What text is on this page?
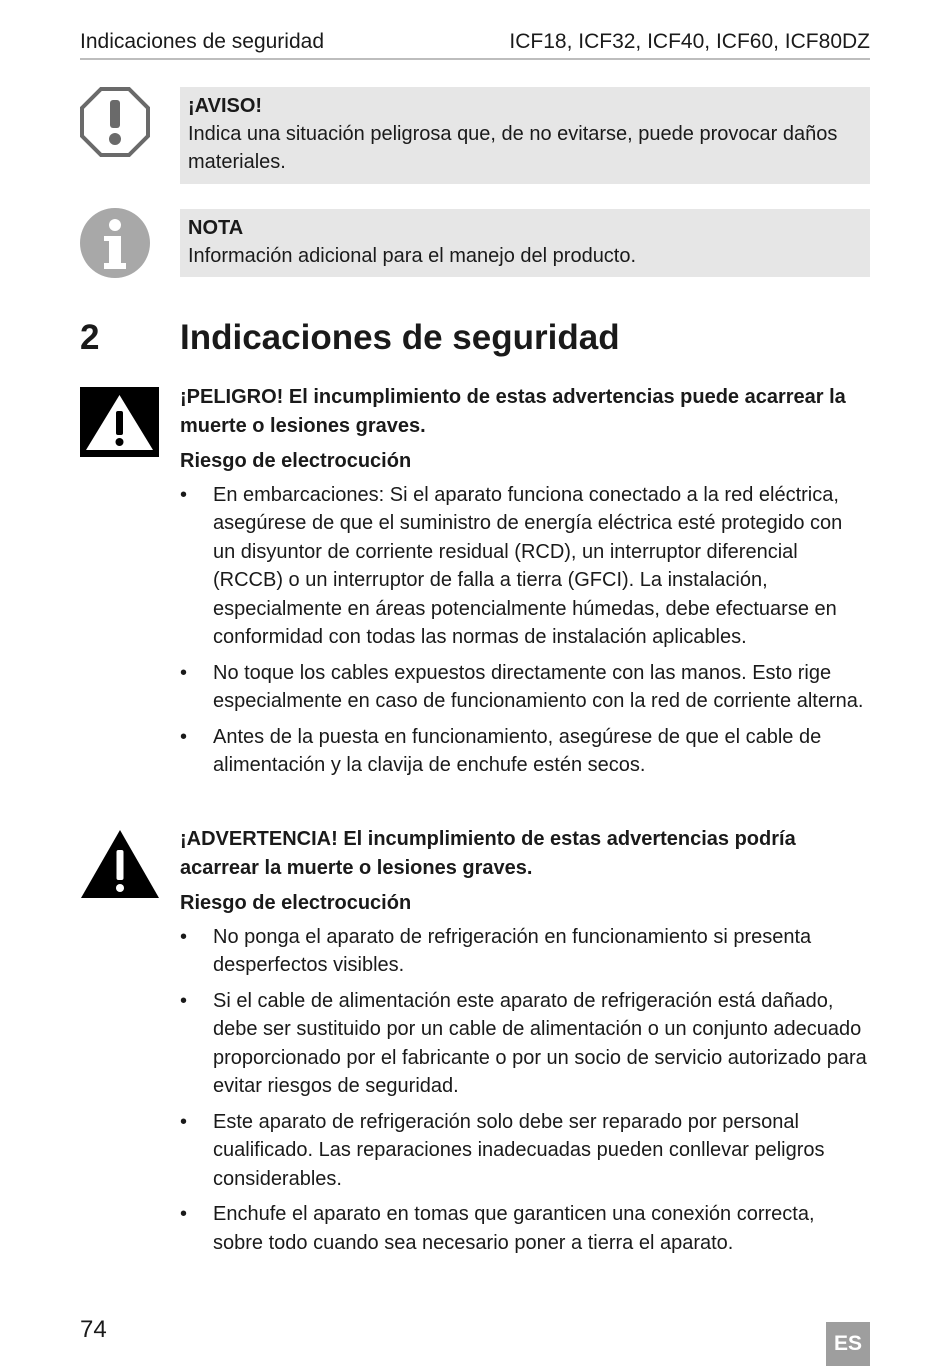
Indicaciones de seguridad	ICF18, ICF32, ICF40, ICF60, ICF80DZ
¡AVISO!
Indica una situación peligrosa que, de no evitarse, puede provocar daños materiales.
NOTA
Información adicional para el manejo del producto.
2 Indicaciones de seguridad
¡PELIGRO! El incumplimiento de estas advertencias puede acarrear la muerte o lesiones graves.
Riesgo de electrocución
• En embarcaciones: Si el aparato funciona conectado a la red eléctrica, asegúrese de que el suministro de energía eléctrica esté protegido con un disyuntor de corriente residual (RCD), un interruptor diferencial (RCCB) o un interruptor de falla a tierra (GFCI). La instalación, especialmente en áreas potencialmente húmedas, debe efectuarse en conformidad con todas las normas de instalación aplicables.
• No toque los cables expuestos directamente con las manos. Esto rige especialmente en caso de funcionamiento con la red de corriente alterna.
• Antes de la puesta en funcionamiento, asegúrese de que el cable de alimentación y la clavija de enchufe estén secos.
¡ADVERTENCIA! El incumplimiento de estas advertencias podría acarrear la muerte o lesiones graves.
Riesgo de electrocución
• No ponga el aparato de refrigeración en funcionamiento si presenta desperfectos visibles.
• Si el cable de alimentación este aparato de refrigeración está dañado, debe ser sustituido por un cable de alimentación o un conjunto adecuado proporcionado por el fabricante o por un socio de servicio autorizado para evitar riesgos de seguridad.
• Este aparato de refrigeración solo debe ser reparado por personal cualificado. Las reparaciones inadecuadas pueden conllevar peligros considerables.
• Enchufe el aparato en tomas que garanticen una conexión correcta, sobre todo cuando sea necesario poner a tierra el aparato.
74
ES
